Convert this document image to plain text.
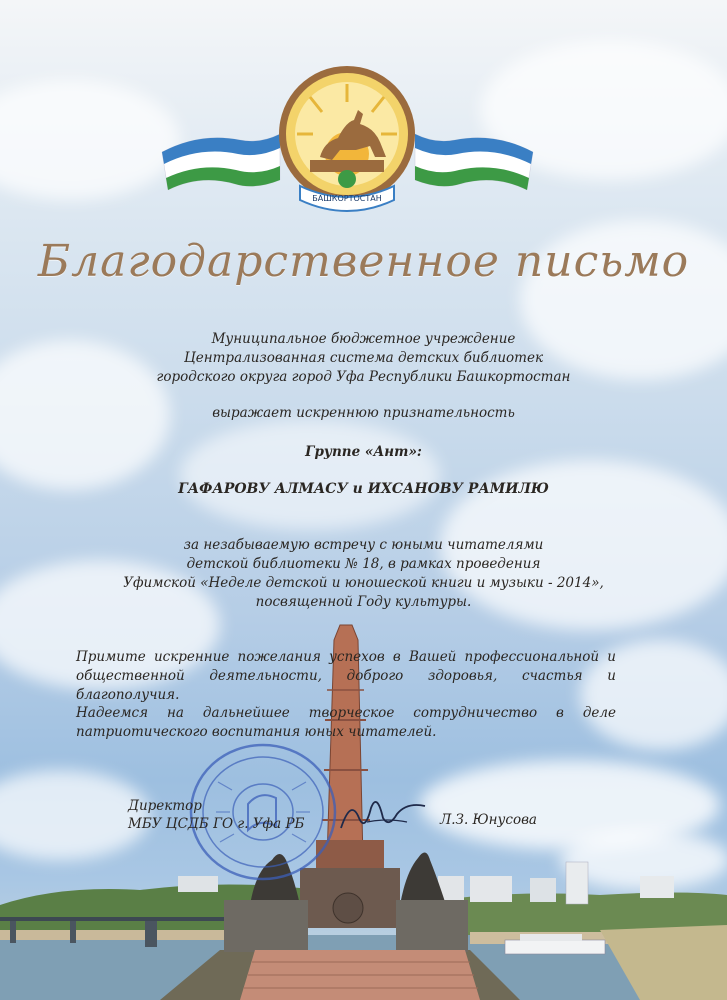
БАШКОРТОСТАН
Благодарственное письмо
Муниципальное бюджетное учреждение
Централизованная система детских библиотек
городского округа город Уфа Республики Башкортостан
выражает искреннюю признательность
Группе «Ант»:
ГАФАРОВУ АЛМАСУ и ИХСАНОВУ РАМИЛЮ
за незабываемую встречу с юными читателями
детской библиотеки № 18, в рамках проведения
Уфимской «Неделе детской и юношеской книги и музыки - 2014»,
посвященной Году культуры.
Примите искренние пожелания успехов в Вашей профессиональной и общественной деятельности, доброго здоровья, счастья и благополучия.
Надеемся на дальнейшее творческое сотрудничество в деле патриотического воспитания юных читателей.
Директор
МБУ ЦСДБ ГО г. Уфа РБ	Л.З. Юнусова
